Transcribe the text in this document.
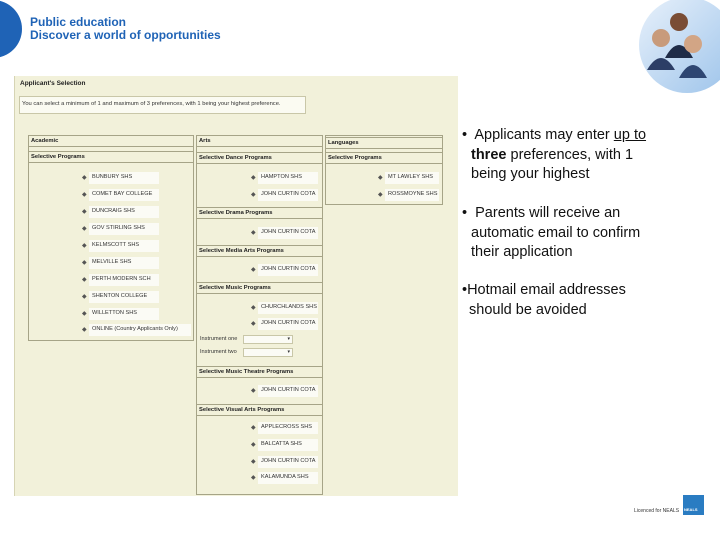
Public education
Discover a world of opportunities
Applicant's Selection
You can select a minimum of 1 and maximum of 3 preferences, with 1 being your highest preference.
Academic
Selective Programs
◆ BUNBURY SHS
◆ COMET BAY COLLEGE
◆ DUNCRAIG SHS
◆ GOV STIRLING SHS
◆ KELMSCOTT SHS
◆ MELVILLE SHS
◆ PERTH MODERN SCH
◆ SHENTON COLLEGE
◆ WILLETTON SHS
◆ ONLINE (Country Applicants Only)
Arts
Selective Dance Programs
◆ HAMPTON SHS
◆ JOHN CURTIN COTA
Selective Drama Programs
◆ JOHN CURTIN COTA
Selective Media Arts Programs
◆ JOHN CURTIN COTA
Selective Music Programs
◆ CHURCHLANDS SHS
◆ JOHN CURTIN COTA
Instrument one	▾
Instrument two	▾
Selective Music Theatre Programs
◆ JOHN CURTIN COTA
Selective Visual Arts Programs
◆ APPLECROSS SHS
◆ BALCATTA SHS
◆ JOHN CURTIN COTA
◆ KALAMUNDA SHS
Languages
Selective Programs
◆ MT LAWLEY SHS
◆ ROSSMOYNE SHS
• Applicants may enter up to
three preferences, with 1
being your highest
• Parents will receive an
automatic email to confirm
their application
•Hotmail email addresses
should be avoided
Licenced for NEALS NEALS
